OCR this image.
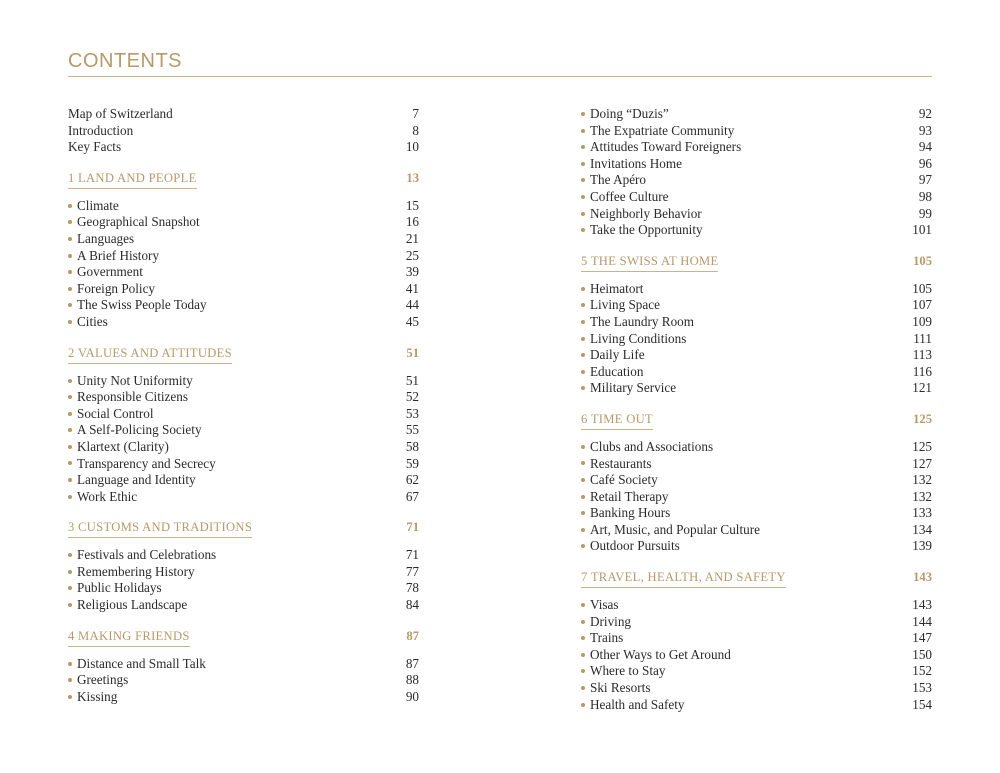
CONTENTS
Map of Switzerland	7
Introduction	8
Key Facts	10
1 LAND AND PEOPLE	13
Climate	15
Geographical Snapshot	16
Languages	21
A Brief History	25
Government	39
Foreign Policy	41
The Swiss People Today	44
Cities	45
2 VALUES AND ATTITUDES	51
Unity Not Uniformity	51
Responsible Citizens	52
Social Control	53
A Self-Policing Society	55
Klartext (Clarity)	58
Transparency and Secrecy	59
Language and Identity	62
Work Ethic	67
3 CUSTOMS AND TRADITIONS	71
Festivals and Celebrations	71
Remembering History	77
Public Holidays	78
Religious Landscape	84
4 MAKING FRIENDS	87
Distance and Small Talk	87
Greetings	88
Kissing	90
Doing “Duzis”	92
The Expatriate Community	93
Attitudes Toward Foreigners	94
Invitations Home	96
The Apéro	97
Coffee Culture	98
Neighborly Behavior	99
Take the Opportunity	101
5 THE SWISS AT HOME	105
Heimatort	105
Living Space	107
The Laundry Room	109
Living Conditions	111
Daily Life	113
Education	116
Military Service	121
6 TIME OUT	125
Clubs and Associations	125
Restaurants	127
Café Society	132
Retail Therapy	132
Banking Hours	133
Art, Music, and Popular Culture	134
Outdoor Pursuits	139
7 TRAVEL, HEALTH, AND SAFETY	143
Visas	143
Driving	144
Trains	147
Other Ways to Get Around	150
Where to Stay	152
Ski Resorts	153
Health and Safety	154
